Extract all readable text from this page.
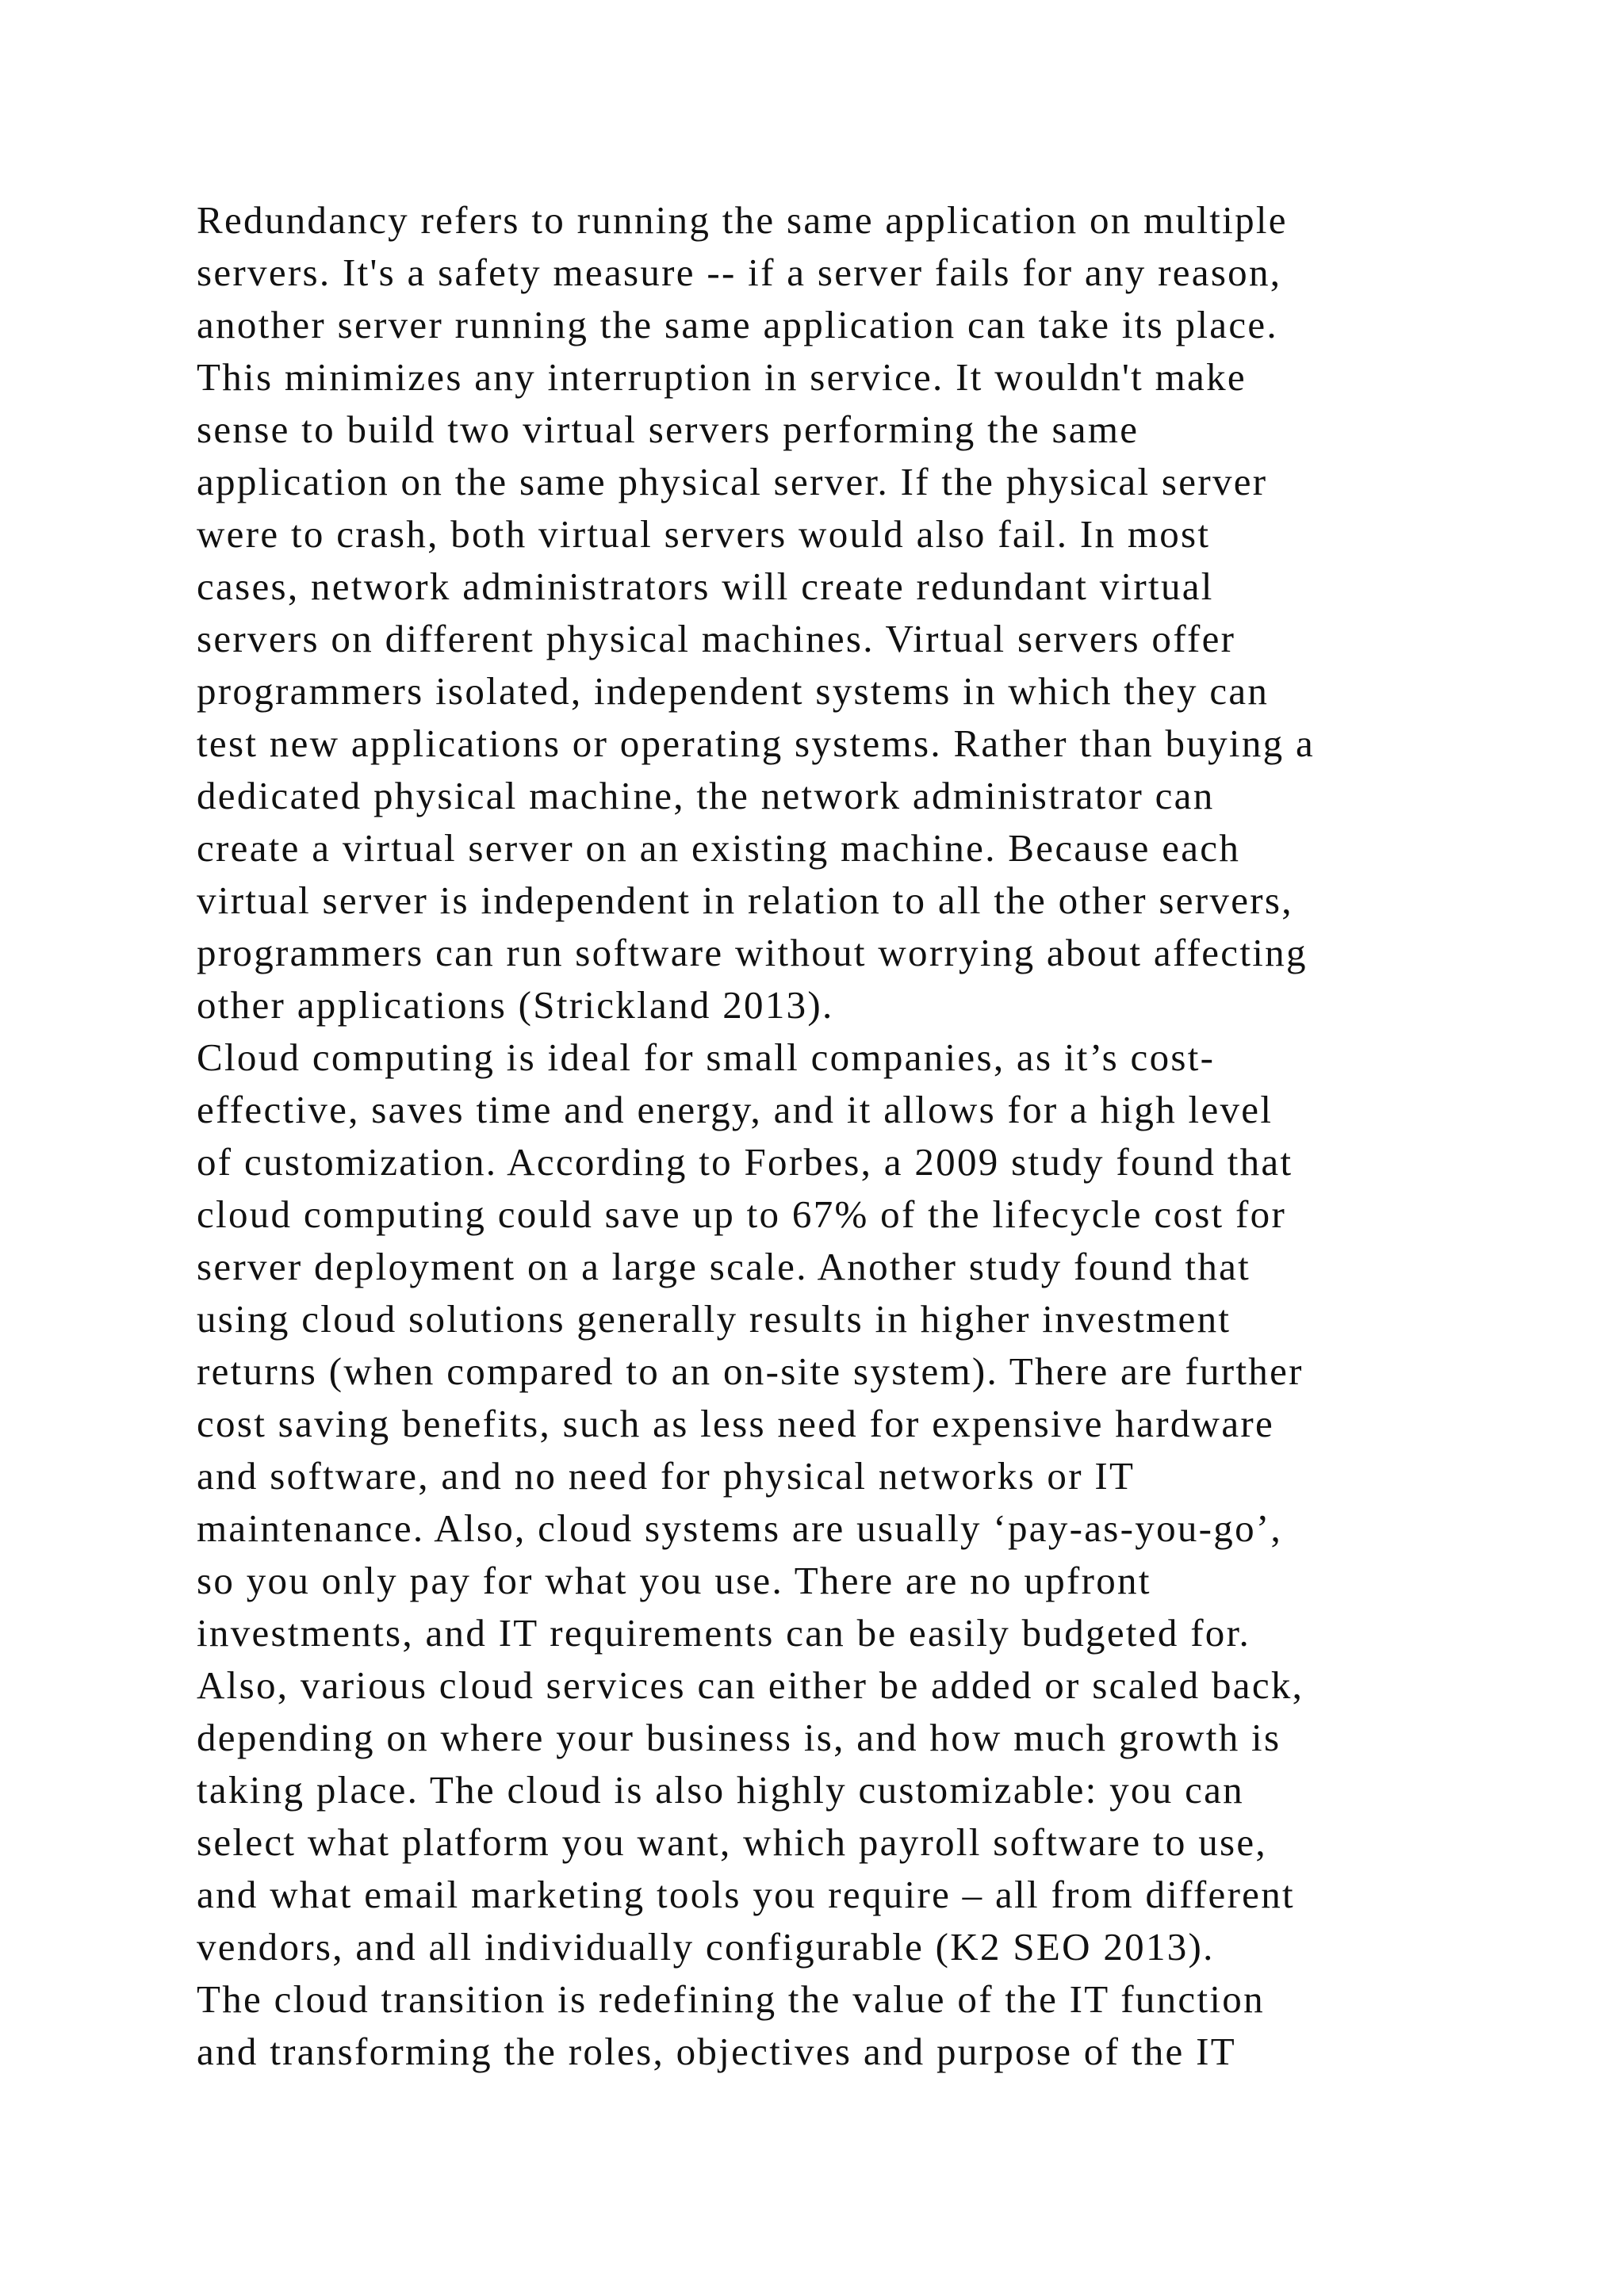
Redundancy refers to running the same application on multiple
servers. It's a safety measure -- if a server fails for any reason,
another server running the same application can take its place.
This minimizes any interruption in service. It wouldn't make
sense to build two virtual servers performing the same
application on the same physical server. If the physical server
were to crash, both virtual servers would also fail. In most
cases, network administrators will create redundant virtual
servers on different physical machines. Virtual servers offer
programmers isolated, independent systems in which they can
test new applications or operating systems. Rather than buying a
dedicated physical machine, the network administrator can
create a virtual server on an existing machine. Because each
virtual server is independent in relation to all the other servers,
programmers can run software without worrying about affecting
other applications (Strickland 2013).
Cloud computing is ideal for small companies, as it’s cost-
effective, saves time and energy, and it allows for a high level
of customization. According to Forbes, a 2009 study found that
cloud computing could save up to 67% of the lifecycle cost for
server deployment on a large scale. Another study found that
using cloud solutions generally results in higher investment
returns (when compared to an on-site system). There are further
cost saving benefits, such as less need for expensive hardware
and software, and no need for physical networks or IT
maintenance. Also, cloud systems are usually ‘pay-as-you-go’,
so you only pay for what you use. There are no upfront
investments, and IT requirements can be easily budgeted for.
Also, various cloud services can either be added or scaled back,
depending on where your business is, and how much growth is
taking place. The cloud is also highly customizable: you can
select what platform you want, which payroll software to use,
and what email marketing tools you require – all from different
vendors, and all individually configurable (K2 SEO 2013).
The cloud transition is redefining the value of the IT function
and transforming the roles, objectives and purpose of the IT
